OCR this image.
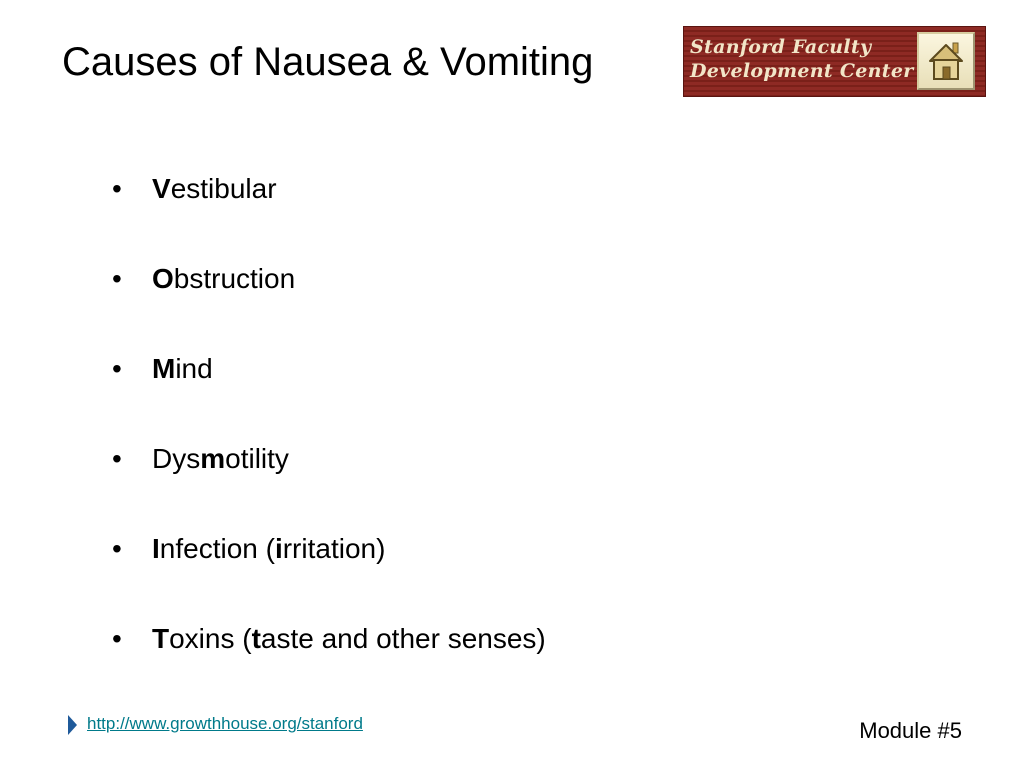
Causes of Nausea & Vomiting	Stanford Faculty
Development Center
•	Vestibular
•	Obstruction
•	Mind
•	Dysmotility
•	Infection (irritation)
•	Toxins (taste and other senses)
http://www.growthhouse.org/stanford	Module #5
